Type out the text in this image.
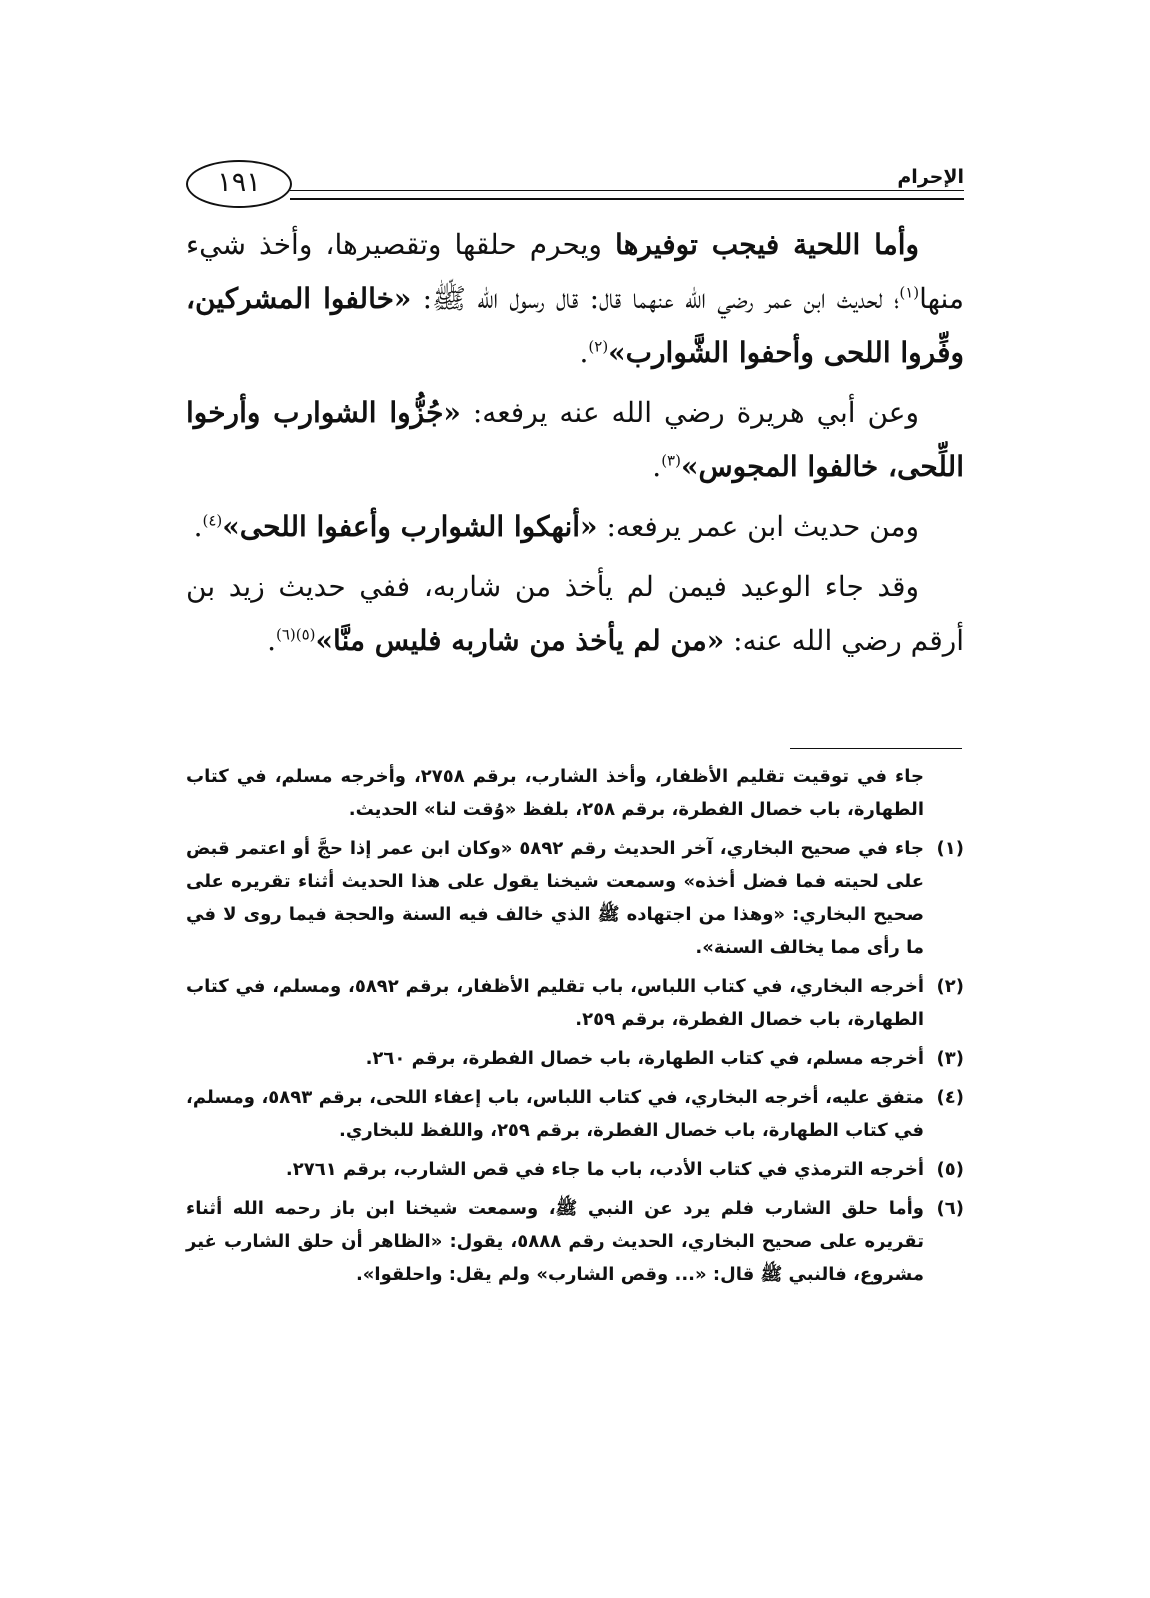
١٩١	الإحرام

وأما اللحية فيجب توفيرها ويحرم حلقها وتقصيرها، وأخذ شيء منها$^{(١)}$؛ لحديث ابن عمر رضي الله عنهما قال: قال رسول الله ﷺ: «خالفوا المشركين، وفِّروا اللحى وأحفوا الشَّوارب»$^{(٢)}$.

وعن أبي هريرة رضي الله عنه يرفعه: «جُزُّوا الشوارب وأرخوا اللِّحى، خالفوا المجوس»$^{(٣)}$.

ومن حديث ابن عمر يرفعه: «أنهكوا الشوارب وأعفوا اللحى»$^{(٤)}$.

وقد جاء الوعيد فيمن لم يأخذ من شاربه، ففي حديث زيد بن أرقم رضي الله عنه: «من لم يأخذ من شاربه فليس منَّا»$^{(٥)(٦)}$.

جاء في توقيت تقليم الأظفار، وأخذ الشارب، برقم ٢٧٥٨، وأخرجه مسلم، في كتاب الطهارة، باب خصال الفطرة، برقم ٢٥٨، بلفظ «وُقت لنا» الحديث.
(١)
جاء في صحيح البخاري، آخر الحديث رقم ٥٨٩٢ «وكان ابن عمر إذا حجَّ أو اعتمر قبض على لحيته فما فضل أخذه» وسمعت شيخنا يقول على هذا الحديث أثناء تقريره على صحيح البخاري: «وهذا من اجتهاده ﷺ الذي خالف فيه السنة والحجة فيما روى لا في ما رأى مما يخالف السنة».
(٢)
أخرجه البخاري، في كتاب اللباس، باب تقليم الأظفار، برقم ٥٨٩٢، ومسلم، في كتاب الطهارة، باب خصال الفطرة، برقم ٢٥٩.
(٣)
أخرجه مسلم، في كتاب الطهارة، باب خصال الفطرة، برقم ٢٦٠.
(٤)
متفق عليه، أخرجه البخاري، في كتاب اللباس، باب إعفاء اللحى، برقم ٥٨٩٣، ومسلم، في كتاب الطهارة، باب خصال الفطرة، برقم ٢٥٩، واللفظ للبخاري.
(٥)
أخرجه الترمذي في كتاب الأدب، باب ما جاء في قص الشارب، برقم ٢٧٦١.
(٦)
وأما حلق الشارب فلم يرد عن النبي ﷺ، وسمعت شيخنا ابن باز رحمه الله أثناء تقريره على صحيح البخاري، الحديث رقم ٥٨٨٨، يقول: «الظاهر أن حلق الشارب غير مشروع، فالنبي ﷺ قال: «... وقص الشارب» ولم يقل: واحلقوا».
